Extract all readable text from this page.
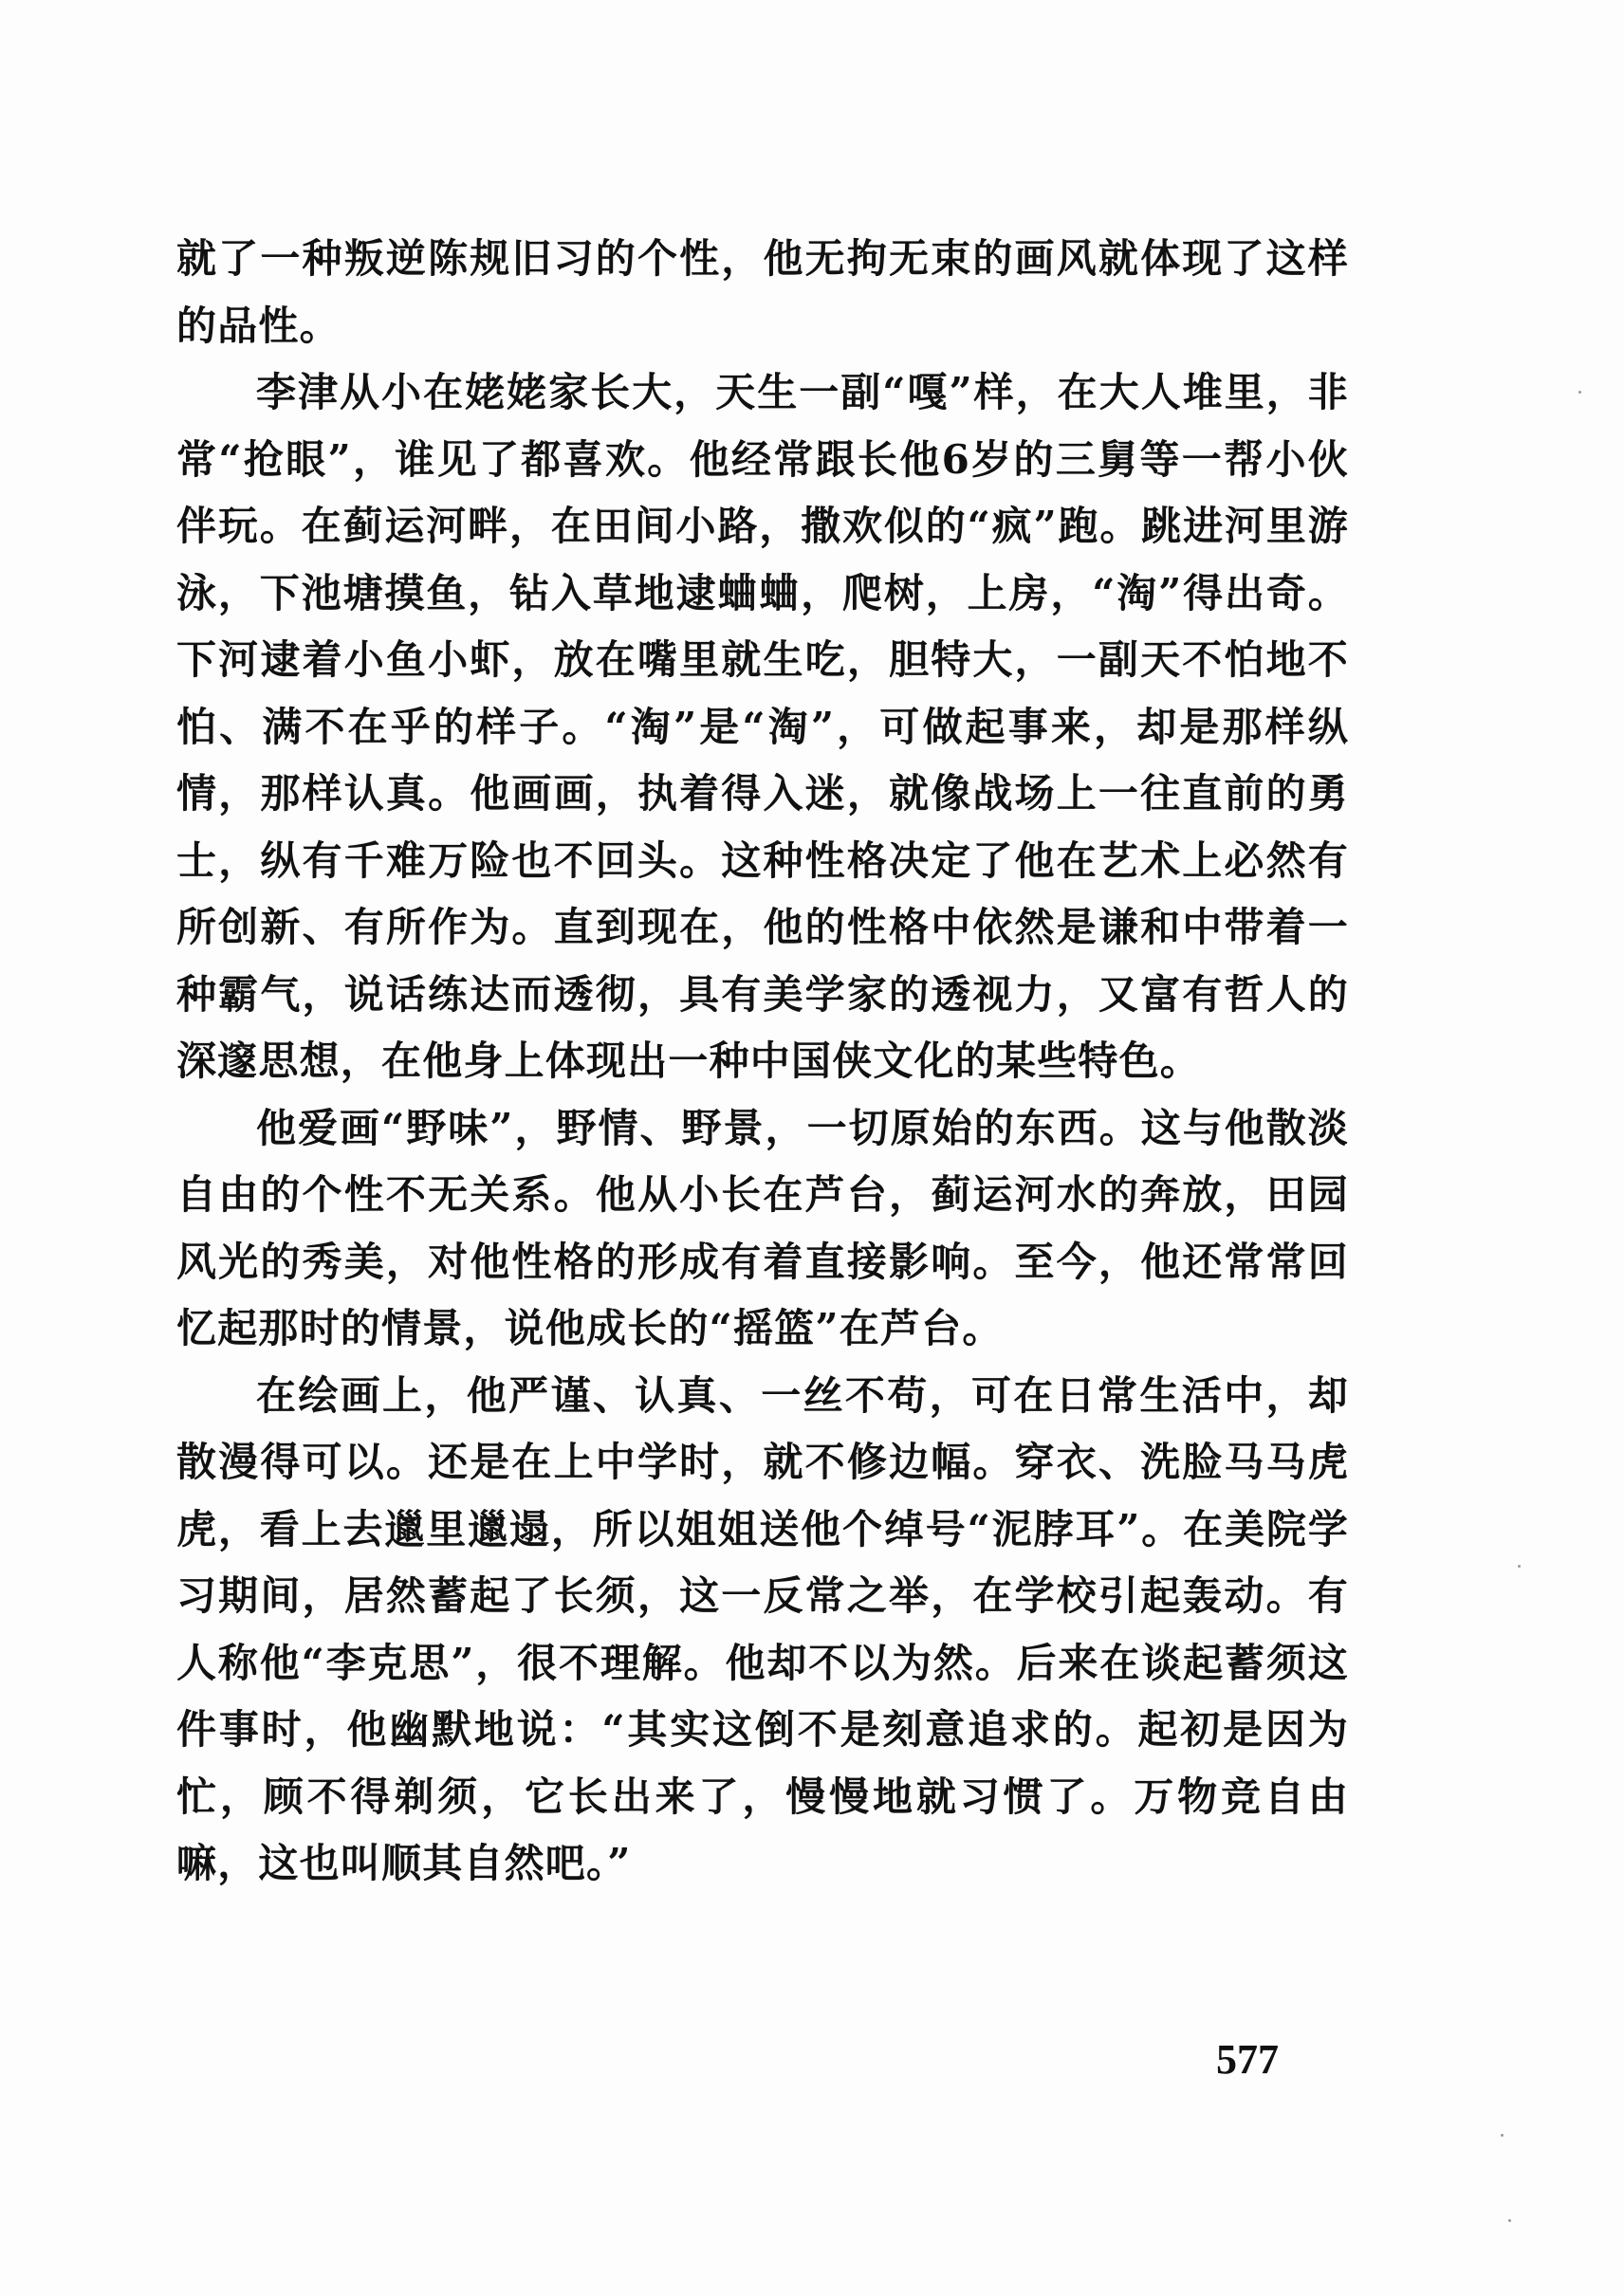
就了一种叛逆陈规旧习的个性，他无拘无束的画风就体现了这样的品性。

李津从小在姥姥家长大，天生一副“嘎”样，在大人堆里，非常“抢眼”，谁见了都喜欢。他经常跟长他6岁的三舅等一帮小伙伴玩。在蓟运河畔，在田间小路，撒欢似的“疯”跑。跳进河里游泳，下池塘摸鱼，钻入草地逮蛐蛐，爬树，上房，“淘”得出奇。下河逮着小鱼小虾，放在嘴里就生吃，胆特大，一副天不怕地不怕、满不在乎的样子。“淘”是“淘”，可做起事来，却是那样纵情，那样认真。他画画，执着得入迷，就像战场上一往直前的勇士，纵有千难万险也不回头。这种性格决定了他在艺术上必然有所创新、有所作为。直到现在，他的性格中依然是谦和中带着一种霸气，说话练达而透彻，具有美学家的透视力，又富有哲人的深邃思想，在他身上体现出一种中国侠文化的某些特色。

他爱画“野味”，野情、野景，一切原始的东西。这与他散淡自由的个性不无关系。他从小长在芦台，蓟运河水的奔放，田园风光的秀美，对他性格的形成有着直接影响。至今，他还常常回忆起那时的情景，说他成长的“摇篮”在芦台。

在绘画上，他严谨、认真、一丝不苟，可在日常生活中，却散漫得可以。还是在上中学时，就不修边幅。穿衣、洗脸马马虎虎，看上去邋里邋遢，所以姐姐送他个绰号“泥脖耳”。在美院学习期间，居然蓄起了长须，这一反常之举，在学校引起轰动。有人称他“李克思”，很不理解。他却不以为然。后来在谈起蓄须这件事时，他幽默地说：“其实这倒不是刻意追求的。起初是因为忙，顾不得剃须，它长出来了，慢慢地就习惯了。万物竞自由嘛，这也叫顺其自然吧。”

577
